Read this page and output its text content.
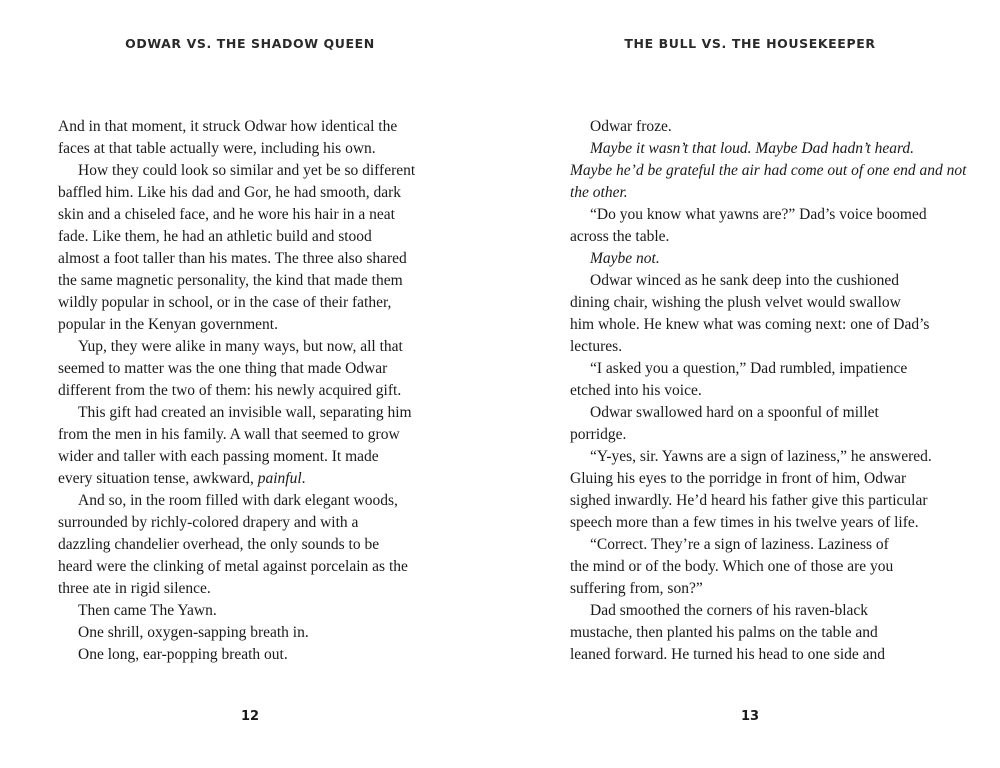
ODWAR VS. THE SHADOW QUEEN
And in that moment, it struck Odwar how identical the
faces at that table actually were, including his own.
How they could look so similar and yet be so different
baffled him. Like his dad and Gor, he had smooth, dark
skin and a chiseled face, and he wore his hair in a neat
fade. Like them, he had an athletic build and stood
almost a foot taller than his mates. The three also shared
the same magnetic personality, the kind that made them
wildly popular in school, or in the case of their father,
popular in the Kenyan government.
Yup, they were alike in many ways, but now, all that
seemed to matter was the one thing that made Odwar
different from the two of them: his newly acquired gift.
This gift had created an invisible wall, separating him
from the men in his family. A wall that seemed to grow
wider and taller with each passing moment. It made
every situation tense, awkward, painful.
And so, in the room filled with dark elegant woods,
surrounded by richly-colored drapery and with a
dazzling chandelier overhead, the only sounds to be
heard were the clinking of metal against porcelain as the
three ate in rigid silence.
Then came The Yawn.
One shrill, oxygen-sapping breath in.
One long, ear-popping breath out.
12
THE BULL VS. THE HOUSEKEEPER
Odwar froze.
Maybe it wasn’t that loud. Maybe Dad hadn’t heard.
Maybe he’d be grateful the air had come out of one end and not
the other.
“Do you know what yawns are?” Dad’s voice boomed
across the table.
Maybe not.
Odwar winced as he sank deep into the cushioned
dining chair, wishing the plush velvet would swallow
him whole. He knew what was coming next: one of Dad’s
lectures.
“I asked you a question,” Dad rumbled, impatience
etched into his voice.
Odwar swallowed hard on a spoonful of millet
porridge.
“Y-yes, sir. Yawns are a sign of laziness,” he answered.
Gluing his eyes to the porridge in front of him, Odwar
sighed inwardly. He’d heard his father give this particular
speech more than a few times in his twelve years of life.
“Correct. They’re a sign of laziness. Laziness of
the mind or of the body. Which one of those are you
suffering from, son?”
Dad smoothed the corners of his raven-black
mustache, then planted his palms on the table and
leaned forward. He turned his head to one side and
13
